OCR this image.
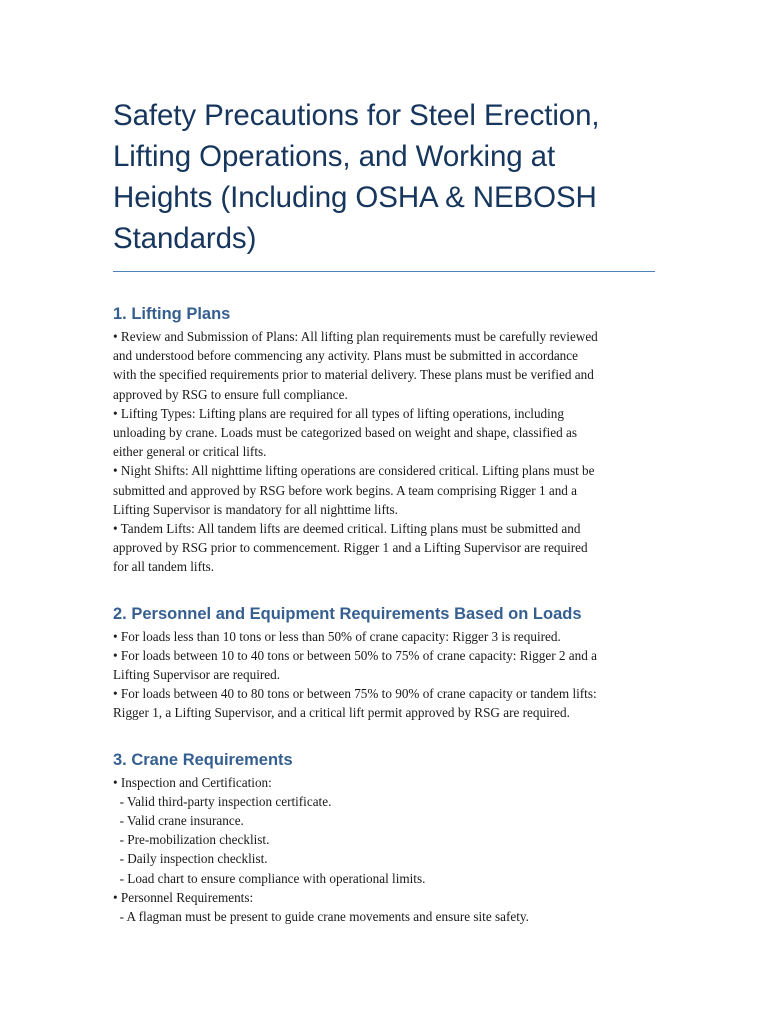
Safety Precautions for Steel Erection,
Lifting Operations, and Working at
Heights (Including OSHA & NEBOSH
Standards)
1. Lifting Plans
• Review and Submission of Plans: All lifting plan requirements must be carefully reviewed
and understood before commencing any activity. Plans must be submitted in accordance
with the specified requirements prior to material delivery. These plans must be verified and
approved by RSG to ensure full compliance.
• Lifting Types: Lifting plans are required for all types of lifting operations, including
unloading by crane. Loads must be categorized based on weight and shape, classified as
either general or critical lifts.
• Night Shifts: All nighttime lifting operations are considered critical. Lifting plans must be
submitted and approved by RSG before work begins. A team comprising Rigger 1 and a
Lifting Supervisor is mandatory for all nighttime lifts.
• Tandem Lifts: All tandem lifts are deemed critical. Lifting plans must be submitted and
approved by RSG prior to commencement. Rigger 1 and a Lifting Supervisor are required
for all tandem lifts.
2. Personnel and Equipment Requirements Based on Loads
• For loads less than 10 tons or less than 50% of crane capacity: Rigger 3 is required.
• For loads between 10 to 40 tons or between 50% to 75% of crane capacity: Rigger 2 and a
Lifting Supervisor are required.
• For loads between 40 to 80 tons or between 75% to 90% of crane capacity or tandem lifts:
Rigger 1, a Lifting Supervisor, and a critical lift permit approved by RSG are required.
3. Crane Requirements
• Inspection and Certification:
- Valid third-party inspection certificate.
- Valid crane insurance.
- Pre-mobilization checklist.
- Daily inspection checklist.
- Load chart to ensure compliance with operational limits.
• Personnel Requirements:
- A flagman must be present to guide crane movements and ensure site safety.
